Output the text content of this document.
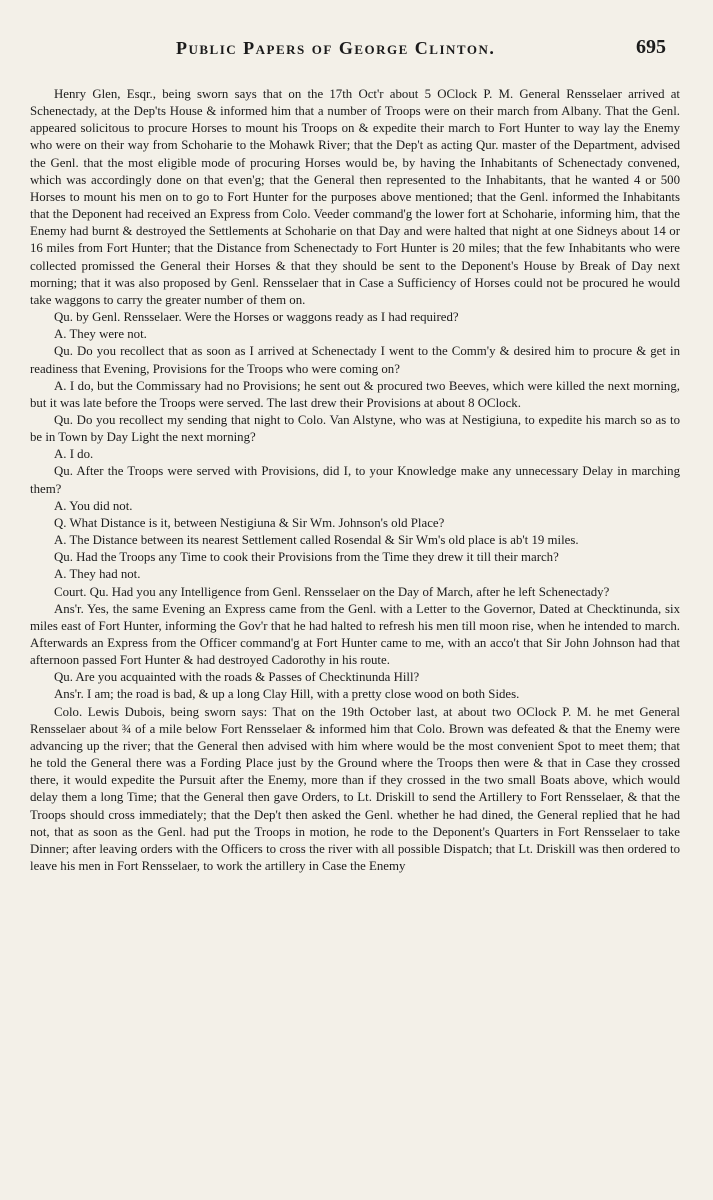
Public Papers of George Clinton.	695

Henry Glen, Esqr., being sworn says that on the 17th Oct'r about 5 OClock P. M. General Rensselaer arrived at Schenectady, at the Dep'ts House & informed him that a number of Troops were on their march from Albany. That the Genl. appeared solicitous to procure Horses to mount his Troops on & expedite their march to Fort Hunter to way lay the Enemy who were on their way from Schoharie to the Mohawk River; that the Dep't as acting Qur. master of the Department, advised the Genl. that the most eligible mode of procuring Horses would be, by having the Inhabitants of Schenectady convened, which was accordingly done on that even'g; that the General then represented to the Inhabitants, that he wanted 4 or 500 Horses to mount his men on to go to Fort Hunter for the purposes above mentioned; that the Genl. informed the Inhabitants that the Deponent had received an Express from Colo. Veeder command'g the lower fort at Schoharie, informing him, that the Enemy had burnt & destroyed the Settlements at Schoharie on that Day and were halted that night at one Sidneys about 14 or 16 miles from Fort Hunter; that the Distance from Schenectady to Fort Hunter is 20 miles; that the few Inhabitants who were collected promissed the General their Horses & that they should be sent to the Deponent's House by Break of Day next morning; that it was also proposed by Genl. Rensselaer that in Case a Sufficiency of Horses could not be procured he would take waggons to carry the greater number of them on.

Qu. by Genl. Rensselaer. Were the Horses or waggons ready as I had required?

A. They were not.

Qu. Do you recollect that as soon as I arrived at Schenectady I went to the Comm'y & desired him to procure & get in readiness that Evening, Provisions for the Troops who were coming on?

A. I do, but the Commissary had no Provisions; he sent out & procured two Beeves, which were killed the next morning, but it was late before the Troops were served. The last drew their Provisions at about 8 OClock.

Qu. Do you recollect my sending that night to Colo. Van Alstyne, who was at Nestigiuna, to expedite his march so as to be in Town by Day Light the next morning?

A. I do.

Qu. After the Troops were served with Provisions, did I, to your Knowledge make any unnecessary Delay in marching them?

A. You did not.

Q. What Distance is it, between Nestigiuna & Sir Wm. Johnson's old Place?

A. The Distance between its nearest Settlement called Rosendal & Sir Wm's old place is ab't 19 miles.

Qu. Had the Troops any Time to cook their Provisions from the Time they drew it till their march?

A. They had not.

Court. Qu. Had you any Intelligence from Genl. Rensselaer on the Day of March, after he left Schenectady?

Ans'r. Yes, the same Evening an Express came from the Genl. with a Letter to the Governor, Dated at Checktinunda, six miles east of Fort Hunter, informing the Gov'r that he had halted to refresh his men till moon rise, when he intended to march. Afterwards an Express from the Officer command'g at Fort Hunter came to me, with an acco't that Sir John Johnson had that afternoon passed Fort Hunter & had destroyed Cadorothy in his route.

Qu. Are you acquainted with the roads & Passes of Checktinunda Hill?

Ans'r. I am; the road is bad, & up a long Clay Hill, with a pretty close wood on both Sides.

Colo. Lewis Dubois, being sworn says: That on the 19th October last, at about two OClock P. M. he met General Rensselaer about ¾ of a mile below Fort Rensselaer & informed him that Colo. Brown was defeated & that the Enemy were advancing up the river; that the General then advised with him where would be the most convenient Spot to meet them; that he told the General there was a Fording Place just by the Ground where the Troops then were & that in Case they crossed there, it would expedite the Pursuit after the Enemy, more than if they crossed in the two small Boats above, which would delay them a long Time; that the General then gave Orders, to Lt. Driskill to send the Artillery to Fort Rensselaer, & that the Troops should cross immediately; that the Dep't then asked the Genl. whether he had dined, the General replied that he had not, that as soon as the Genl. had put the Troops in motion, he rode to the Deponent's Quarters in Fort Rensselaer to take Dinner; after leaving orders with the Officers to cross the river with all possible Dispatch; that Lt. Driskill was then ordered to leave his men in Fort Rensselaer, to work the artillery in Case the Enemy
